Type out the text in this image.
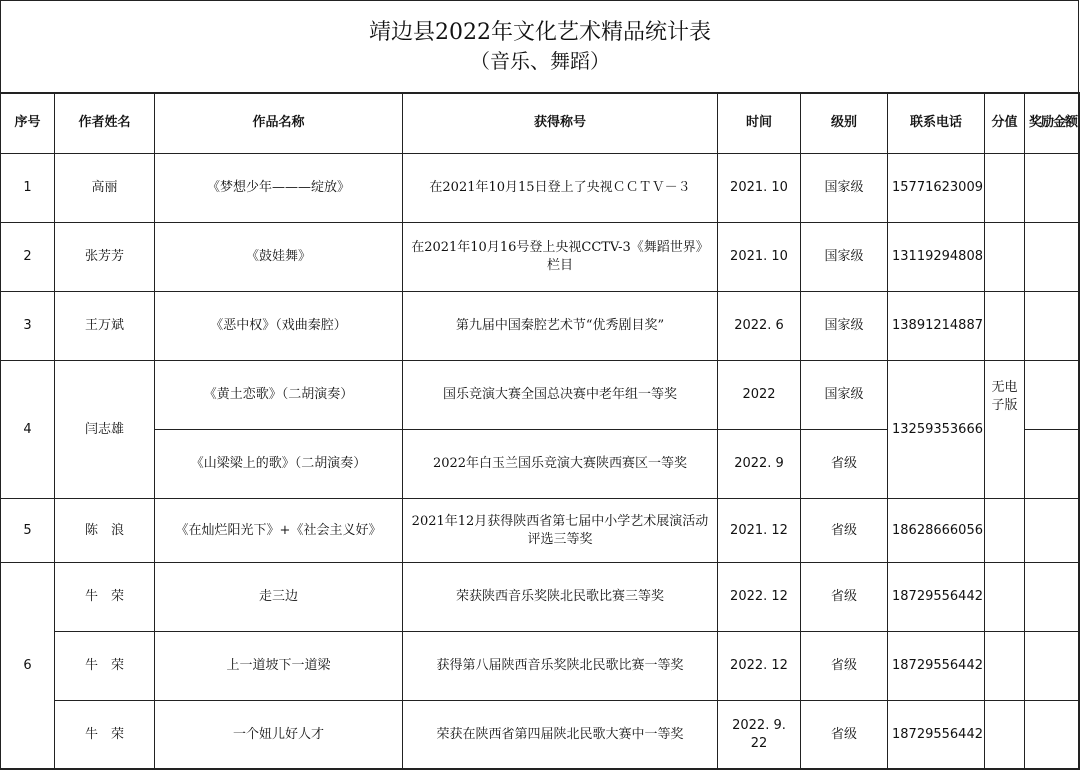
靖边县2022年文化艺术精品统计表
（音乐、舞蹈）
序号	作者姓名	作品名称	获得称号	时间	级别	联系电话	分值	奖励金额
1	高丽	《梦想少年———绽放》	在2021年10月15日登上了央视ＣＣＴＶ－３	2021. 10	国家级	15771623009		
2	张芳芳	《鼓娃舞》	在2021年10月16号登上央视CCTV-3《舞蹈世界》栏目	2021. 10	国家级	13119294808		
3	王万斌	《恶中权》（戏曲秦腔）	第九届中国秦腔艺术节“优秀剧目奖”	2022. 6	国家级	13891214887		
4	闫志雄	《黄土恋歌》（二胡演奏）	国乐竞演大赛全国总决赛中老年组一等奖	2022	国家级	13259353666	无电子版	
		《山梁梁上的歌》（二胡演奏）	2022年白玉兰国乐竞演大赛陕西赛区一等奖	2022. 9	省级			
5	陈　浪	《在灿烂阳光下》+《社会主义好》	2021年12月获得陕西省第七届中小学艺术展演活动评选三等奖	2021. 12	省级	18628666056		
6	牛　荣	走三边	荣获陕西音乐奖陕北民歌比赛三等奖	2022. 12	省级	18729556442		
	牛　荣	上一道坡下一道梁	获得第八届陕西音乐奖陕北民歌比赛一等奖	2022. 12	省级	18729556442		
	牛　荣	一个妞儿好人才	荣获在陕西省第四届陕北民歌大赛中一等奖	2022. 9. 22	省级	18729556442		
